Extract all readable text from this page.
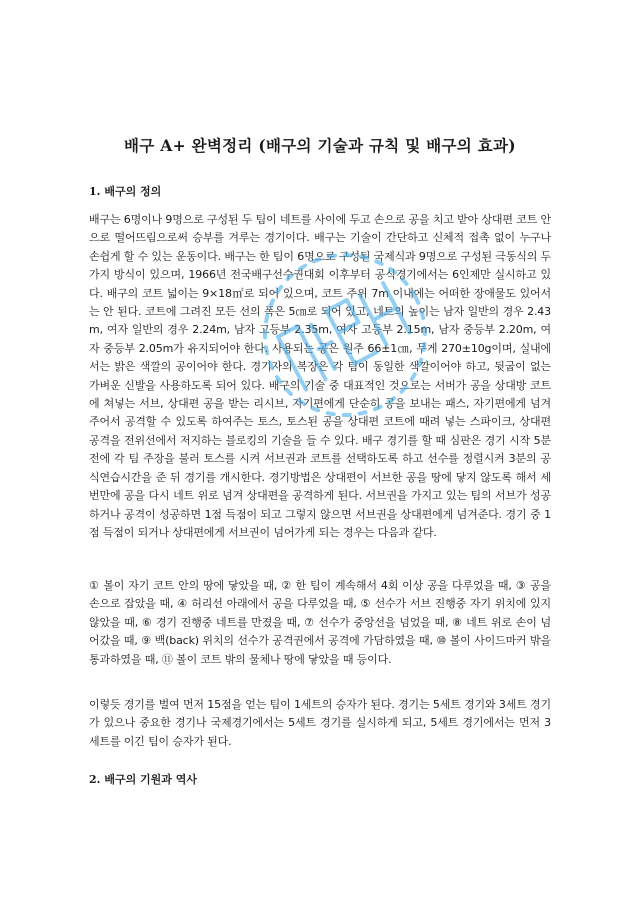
배구 A+ 완벽정리 (배구의 기술과 규칙 및 배구의 효과)
1. 배구의 정의

배구는 6명이나 9명으로 구성된 두 팀이 네트를 사이에 두고 손으로 공을 치고 받아 상대편 코트 안으로 떨어뜨림으로써 승부를 겨루는 경기이다. 배구는 기술이 간단하고 신체적 접촉 없이 누구나 손쉽게 할 수 있는 운동이다. 배구는 한 팀이 6명으로 구성된 국제식과 9명으로 구성된 극동식의 두 가지 방식이 있으며, 1966년 전국배구선수권대회 이후부터 공식경기에서는 6인제만 실시하고 있다. 배구의 코트 넓이는 9×18㎡로 되어 있으며, 코트 주위 7m 이내에는 어떠한 장애물도 있어서는 안 된다. 코트에 그려진 모든 선의 폭은 5㎝로 되어 있고, 네트의 높이는 남자 일반의 경우 2.43m, 여자 일반의 경우 2.24m, 남자 고등부 2.35m, 여자 고등부 2.15m, 남자 중등부 2.20m, 여자 중등부 2.05m가 유지되어야 한다. 사용되는 공은 원주 66±1㎝, 무게 270±10g이며, 실내에서는 밝은 색깔의 공이어야 한다. 경기자의 복장은 각 팀이 동일한 색깔이어야 하고, 뒷굽이 없는 가벼운 신발을 사용하도록 되어 있다. 배구의 기술 중 대표적인 것으로는 서버가 공을 상대방 코트에 쳐넣는 서브, 상대편 공을 받는 리시브, 자기편에게 단순히 공을 보내는 패스, 자기편에게 넘겨주어서 공격할 수 있도록 하여주는 토스, 토스된 공을 상대편 코트에 때려 넣는 스파이크, 상대편 공격을 전위선에서 저지하는 블로킹의 기술을 들 수 있다. 배구 경기를 할 때 심판은 경기 시작 5분전에 각 팀 주장을 불러 토스를 시켜 서브권과 코트를 선택하도록 하고 선수를 정렬시켜 3분의 공식연습시간을 준 뒤 경기를 개시한다. 경기방법은 상대편이 서브한 공을 땅에 닿지 않도록 해서 세 번만에 공을 다시 네트 위로 넘겨 상대편을 공격하게 된다. 서브권을 가지고 있는 팀의 서브가 성공하거나 공격이 성공하면 1점 득점이 되고 그렇지 않으면 서브권을 상대편에게 넘겨준다. 경기 중 1점 득점이 되거나 상대편에게 서브권이 넘어가게 되는 경우는 다음과 같다.

① 볼이 자기 코트 안의 땅에 닿았을 때, ② 한 팀이 계속해서 4회 이상 공을 다루었을 때, ③ 공을 손으로 잡았을 때, ④ 허리선 아래에서 공을 다루었을 때, ⑤ 선수가 서브 진행중 자기 위치에 있지 않았을 때, ⑥ 경기 진행중 네트를 만졌을 때, ⑦ 선수가 중앙선을 넘었을 때, ⑧ 네트 위로 손이 넘어갔을 때, ⑨ 백(back) 위치의 선수가 공격권에서 공격에 가담하였을 때, ⑩ 볼이 사이드마커 밖을 통과하였을 때, ⑪ 볼이 코트 밖의 물체나 땅에 닿았을 때 등이다.

이렇듯 경기를 벌여 먼저 15점을 얻는 팀이 1세트의 승자가 된다. 경기는 5세트 경기와 3세트 경기가 있으나 중요한 경기나 국제경기에서는 5세트 경기를 실시하게 되고, 5세트 경기에서는 먼저 3세트를 이긴 팀이 승자가 된다.

2. 배구의 기원과 역사
